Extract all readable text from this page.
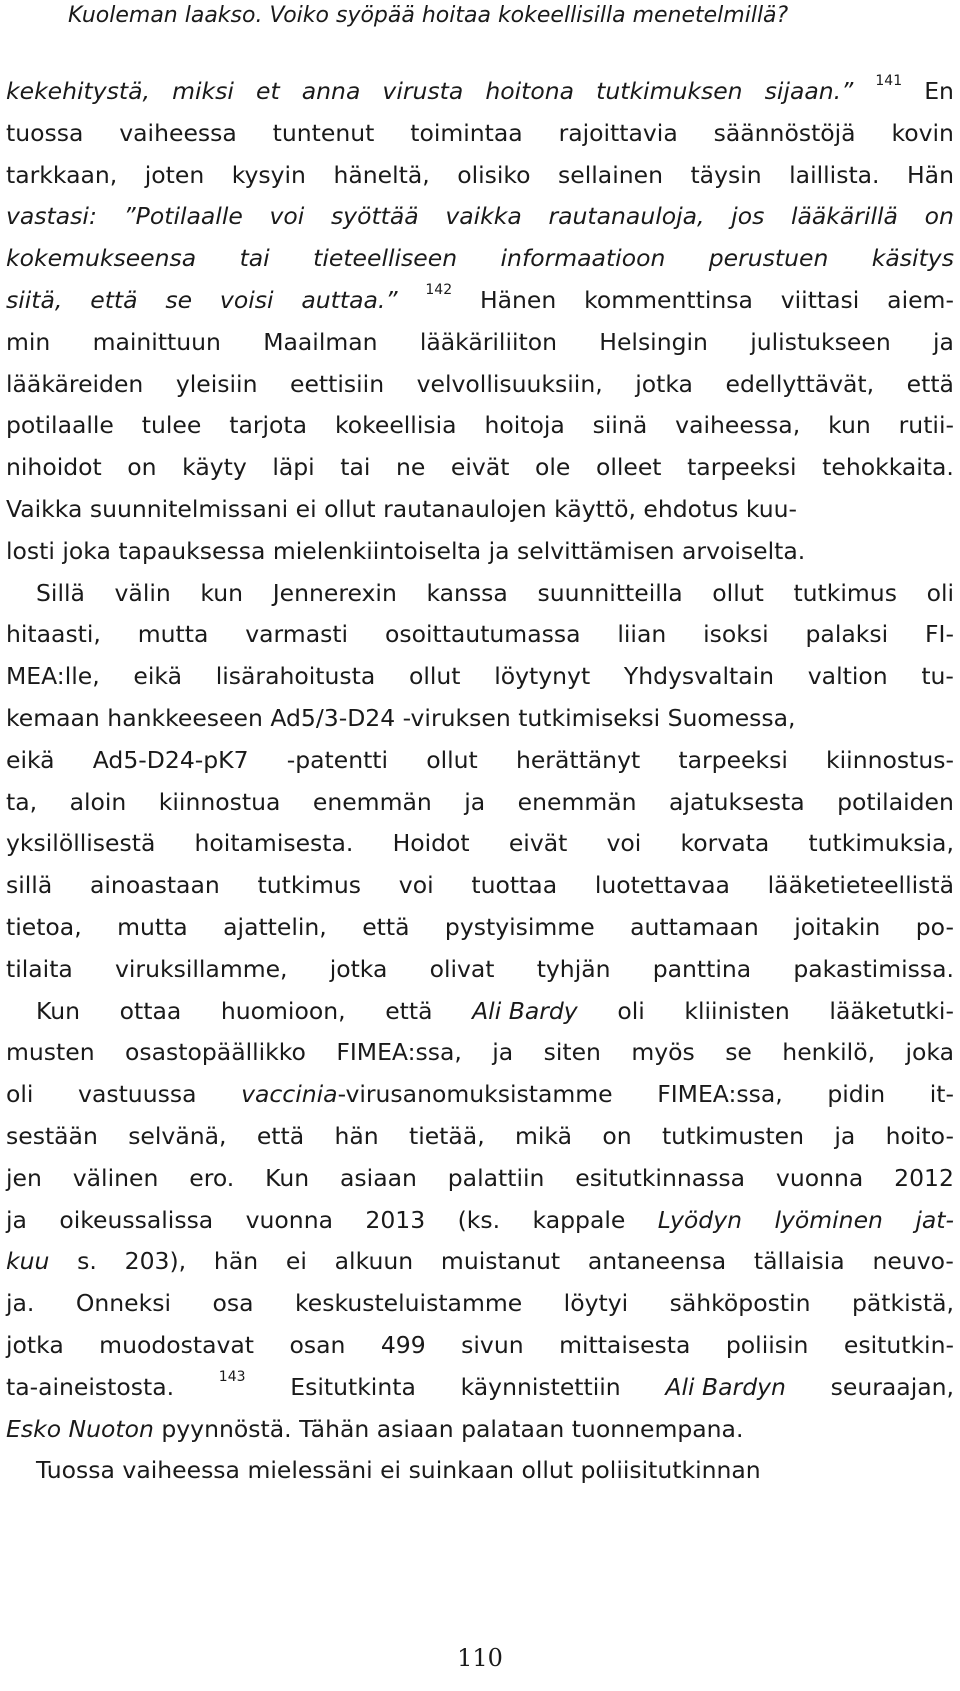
Kuoleman laakso. Voiko syöpää hoitaa kokeellisilla menetelmillä?
kekehitystä, miksi et anna virusta hoitona tutkimuksen sijaan.” 141 En
tuossa vaiheessa tuntenut toimintaa rajoittavia säännöstöjä kovin
tarkkaan, joten kysyin häneltä, olisiko sellainen täysin laillista. Hän
vastasi: ”Potilaalle voi syöttää vaikka rautanauloja, jos lääkärillä on
kokemukseensa tai tieteelliseen informaatioon perustuen käsitys
siitä, että se voisi auttaa.” 142 Hänen kommenttinsa viittasi aiem-
min mainittuun Maailman lääkäriliiton Helsingin julistukseen ja
lääkäreiden yleisiin eettisiin velvollisuuksiin, jotka edellyttävät, että
potilaalle tulee tarjota kokeellisia hoitoja siinä vaiheessa, kun rutii-
nihoidot on käyty läpi tai ne eivät ole olleet tarpeeksi tehokkaita.
Vaikka suunnitelmissani ei ollut rautanaulojen käyttö, ehdotus kuu-
losti joka tapauksessa mielenkiintoiselta ja selvittämisen arvoiselta.
Sillä välin kun Jennerexin kanssa suunnitteilla ollut tutkimus oli
hitaasti, mutta varmasti osoittautumassa liian isoksi palaksi FI-
MEA:lle, eikä lisärahoitusta ollut löytynyt Yhdysvaltain valtion tu-
kemaan hankkeeseen Ad5/3-D24 -viruksen tutkimiseksi Suomessa,
eikä Ad5-D24-pK7 -patentti ollut herättänyt tarpeeksi kiinnostus-
ta, aloin kiinnostua enemmän ja enemmän ajatuksesta potilaiden
yksilöllisestä hoitamisesta. Hoidot eivät voi korvata tutkimuksia,
sillä ainoastaan tutkimus voi tuottaa luotettavaa lääketieteellistä
tietoa, mutta ajattelin, että pystyisimme auttamaan joitakin po-
tilaita viruksillamme, jotka olivat tyhjän panttina pakastimissa.
Kun ottaa huomioon, että Ali Bardy oli kliinisten lääketutki-
musten osastopäällikko FIMEA:ssa, ja siten myös se henkilö, joka
oli vastuussa vaccinia-virusanomuksistamme FIMEA:ssa, pidin it-
sestään selvänä, että hän tietää, mikä on tutkimusten ja hoito-
jen välinen ero. Kun asiaan palattiin esitutkinnassa vuonna 2012
ja oikeussalissa vuonna 2013 (ks. kappale Lyödyn lyöminen jat-
kuu s. 203), hän ei alkuun muistanut antaneensa tällaisia neuvo-
ja. Onneksi osa keskusteluistamme löytyi sähköpostin pätkistä,
jotka muodostavat osan 499 sivun mittaisesta poliisin esitutkin-
ta-aineistosta.	143 Esitutkinta käynnistettiin Ali Bardyn seuraajan,
Esko Nuoton pyynnöstä. Tähän asiaan palataan tuonnempana.
Tuossa vaiheessa mielessäni ei suinkaan ollut poliisitutkinnan
110
